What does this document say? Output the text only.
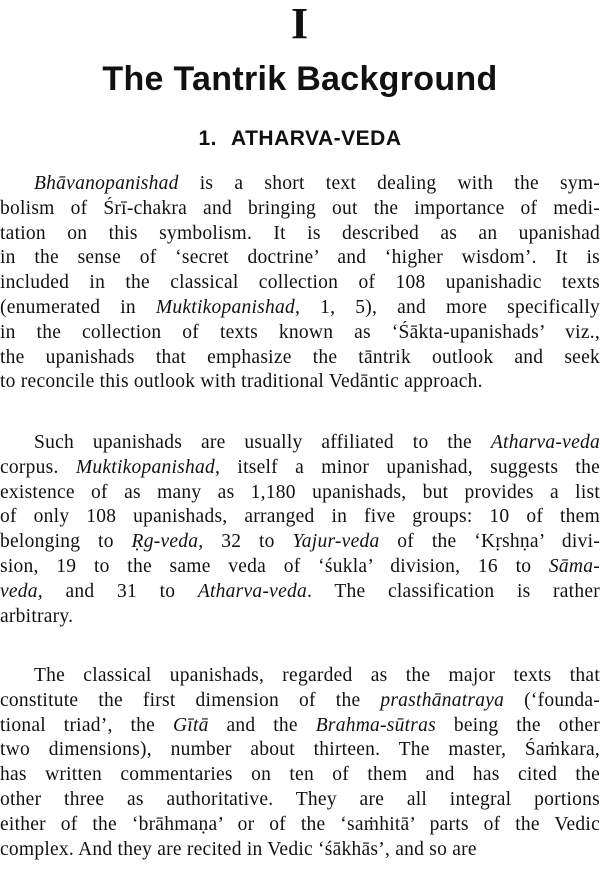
I
The Tantrik Background
1. ATHARVA-VEDA
Bhāvanopanishad is a short text dealing with the sym-
bolism of Śrī-chakra and bringing out the importance of medi-
tation on this symbolism. It is described as an upanishad
in the sense of ‘secret doctrine’ and ‘higher wisdom’. It is
included in the classical collection of 108 upanishadic texts
(enumerated in Muktikopanishad, 1, 5), and more specifically
in the collection of texts known as ‘Śākta-upanishads’ viz.,
the upanishads that emphasize the tāntrik outlook and seek
to reconcile this outlook with traditional Vedāntic approach.
Such upanishads are usually affiliated to the Atharva-veda
corpus. Muktikopanishad, itself a minor upanishad, suggests the
existence of as many as 1,180 upanishads, but provides a list
of only 108 upanishads, arranged in five groups: 10 of them
belonging to Ṛg-veda, 32 to Yajur-veda of the ‘Kṛshṇa’ divi-
sion, 19 to the same veda of ‘śukla’ division, 16 to Sāma-
veda, and 31 to Atharva-veda. The classification is rather
arbitrary.
The classical upanishads, regarded as the major texts that
constitute the first dimension of the prasthānatraya (‘founda-
tional triad’, the Gītā and the Brahma-sūtras being the other
two dimensions), number about thirteen. The master, Śaṁkara,
has written commentaries on ten of them and has cited the
other three as authoritative. They are all integral portions
either of the ‘brāhmaṇa’ or of the ‘saṁhitā’ parts of the Vedic
complex. And they are recited in Vedic ‘śākhās’, and so are
